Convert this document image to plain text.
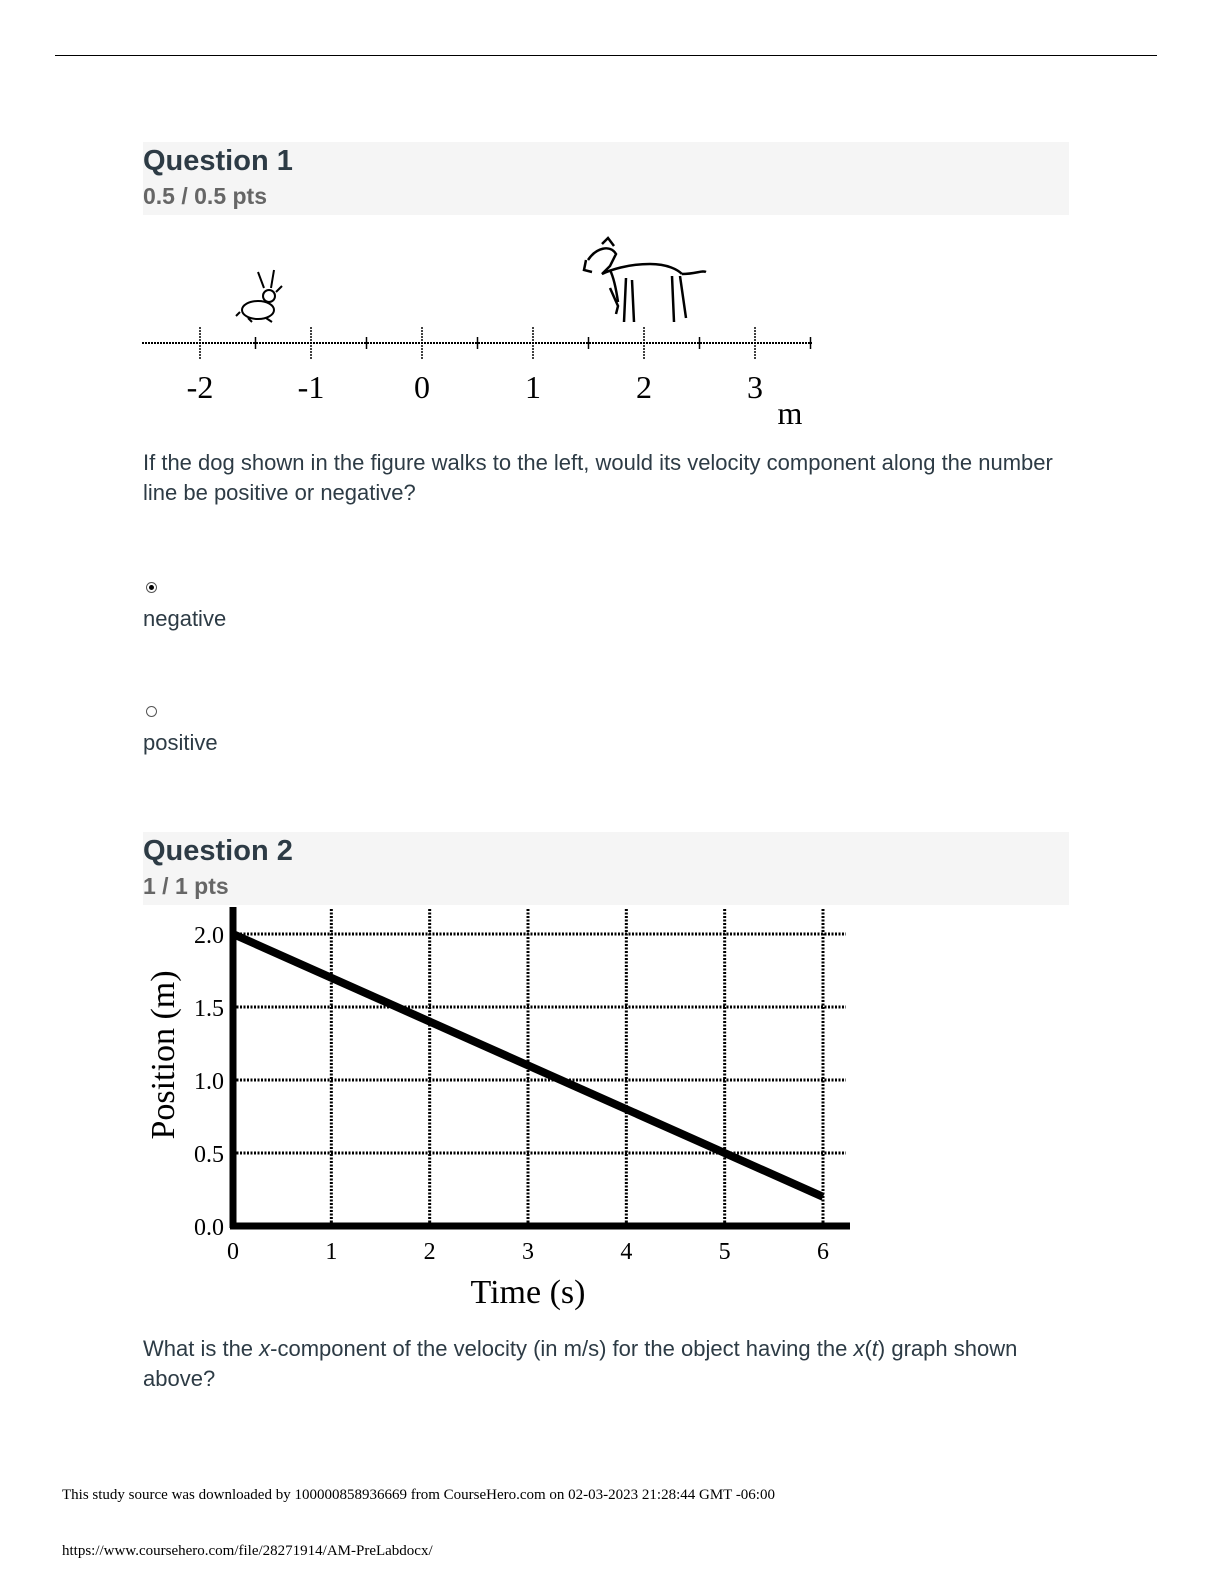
Question 1
0.5 / 0.5 pts
-2	-1	0	1	2	3
m
If the dog shown in the figure walks to the left, would its velocity component along the number line be positive or negative?
negative
positive
Question 2
1 / 1 pts
0.0
0.5
1.0
1.5
2.0
0	1	2	3	4	5	6
Time (s)
Position (m)
What is the x-component of the velocity (in m/s) for the object having the x(t) graph shown above?
This study source was downloaded by 100000858936669 from CourseHero.com on 02-03-2023 21:28:44 GMT -06:00
https://www.coursehero.com/file/28271914/AM-PreLabdocx/
